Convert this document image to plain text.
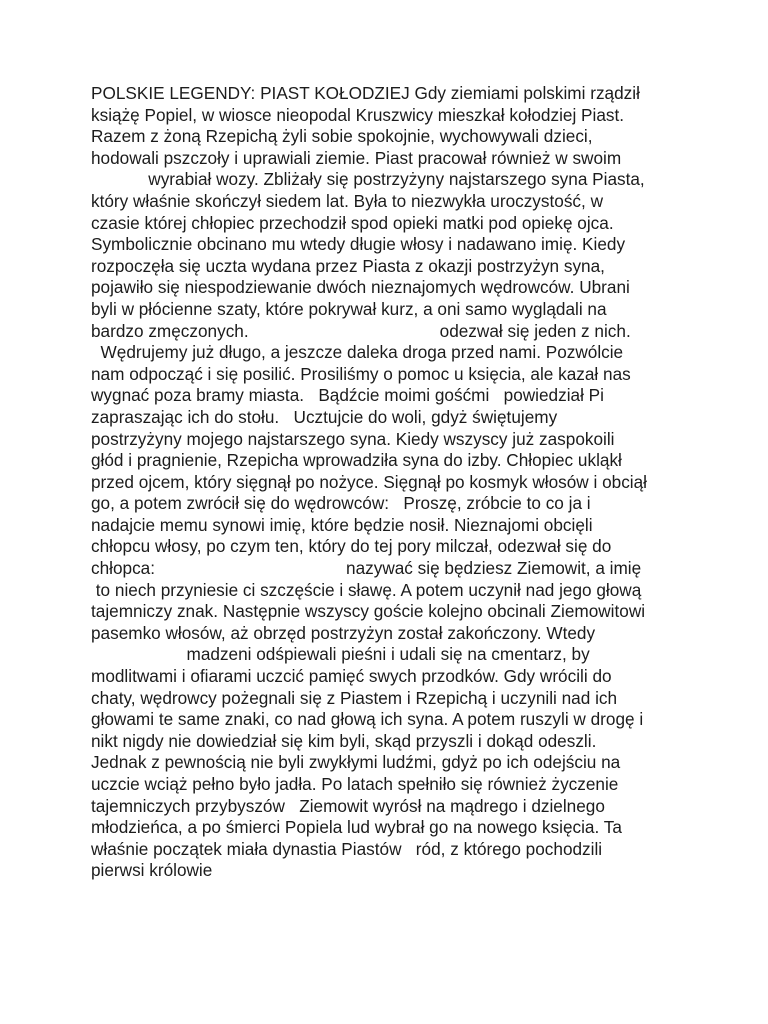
POLSKIE LEGENDY: PIAST KOŁODZIEJ Gdy ziemiami polskimi rządził
książę Popiel, w wiosce nieopodal Kruszwicy mieszkał kołodziej Piast.
Razem z żoną Rzepichą żyli sobie spokojnie, wychowywali dzieci,
hodowali pszczoły i uprawiali ziemie. Piast pracował również w swoim
wyrabiał wozy. Zbliżały się postrzyżyny najstarszego syna Piasta,
który właśnie skończył siedem lat. Była to niezwykła uroczystość, w
czasie której chłopiec przechodził spod opieki matki pod opiekę ojca.
Symbolicznie obcinano mu wtedy długie włosy i nadawano imię. Kiedy
rozpoczęła się uczta wydana przez Piasta z okazji postrzyżyn syna,
pojawiło się niespodziewanie dwóch nieznajomych wędrowców. Ubrani
byli w płócienne szaty, które pokrywał kurz, a oni samo wyglądali na
bardzo zmęczonych.                                        odezwał się jeden z nich.
Wędrujemy już długo, a jeszcze daleka droga przed nami. Pozwólcie
nam odpocząć i się posilić. Prosiliśmy o pomoc u księcia, ale kazał nas
wygnać poza bramy miasta.   Bądźcie moimi gośćmi   powiedział Pi
zapraszając ich do stołu.   Ucztujcie do woli, gdyż świętujemy
postrzyżyny mojego najstarszego syna. Kiedy wszyscy już zaspokoili
głód i pragnienie, Rzepicha wprowadziła syna do izby. Chłopiec ukląkł
przed ojcem, który sięgnął po nożyce. Sięgnął po kosmyk włosów i obciął
go, a potem zwrócił się do wędrowców:   Proszę, zróbcie to co ja i
nadajcie memu synowi imię, które będzie nosił. Nieznajomi obcięli
chłopcu włosy, po czym ten, który do tej pory milczał, odezwał się do
chłopca:                                        nazywać się będziesz Ziemowit, a imię
to niech przyniesie ci szczęście i sławę. A potem uczynił nad jego głową
tajemniczy znak. Następnie wszyscy goście kolejno obcinali Ziemowitowi
pasemko włosów, aż obrzęd postrzyżyn został zakończony. Wtedy
madzeni odśpiewali pieśni i udali się na cmentarz, by
modlitwami i ofiarami uczcić pamięć swych przodków. Gdy wrócili do
chaty, wędrowcy pożegnali się z Piastem i Rzepichą i uczynili nad ich
głowami te same znaki, co nad głową ich syna. A potem ruszyli w drogę i
nikt nigdy nie dowiedział się kim byli, skąd przyszli i dokąd odeszli.
Jednak z pewnością nie byli zwykłymi ludźmi, gdyż po ich odejściu na
uczcie wciąż pełno było jadła. Po latach spełniło się również życzenie
tajemniczych przybyszów   Ziemowit wyrósł na mądrego i dzielnego
młodzieńca, a po śmierci Popiela lud wybrał go na nowego księcia. Ta
właśnie początek miała dynastia Piastów   ród, z którego pochodzili
pierwsi królowie
